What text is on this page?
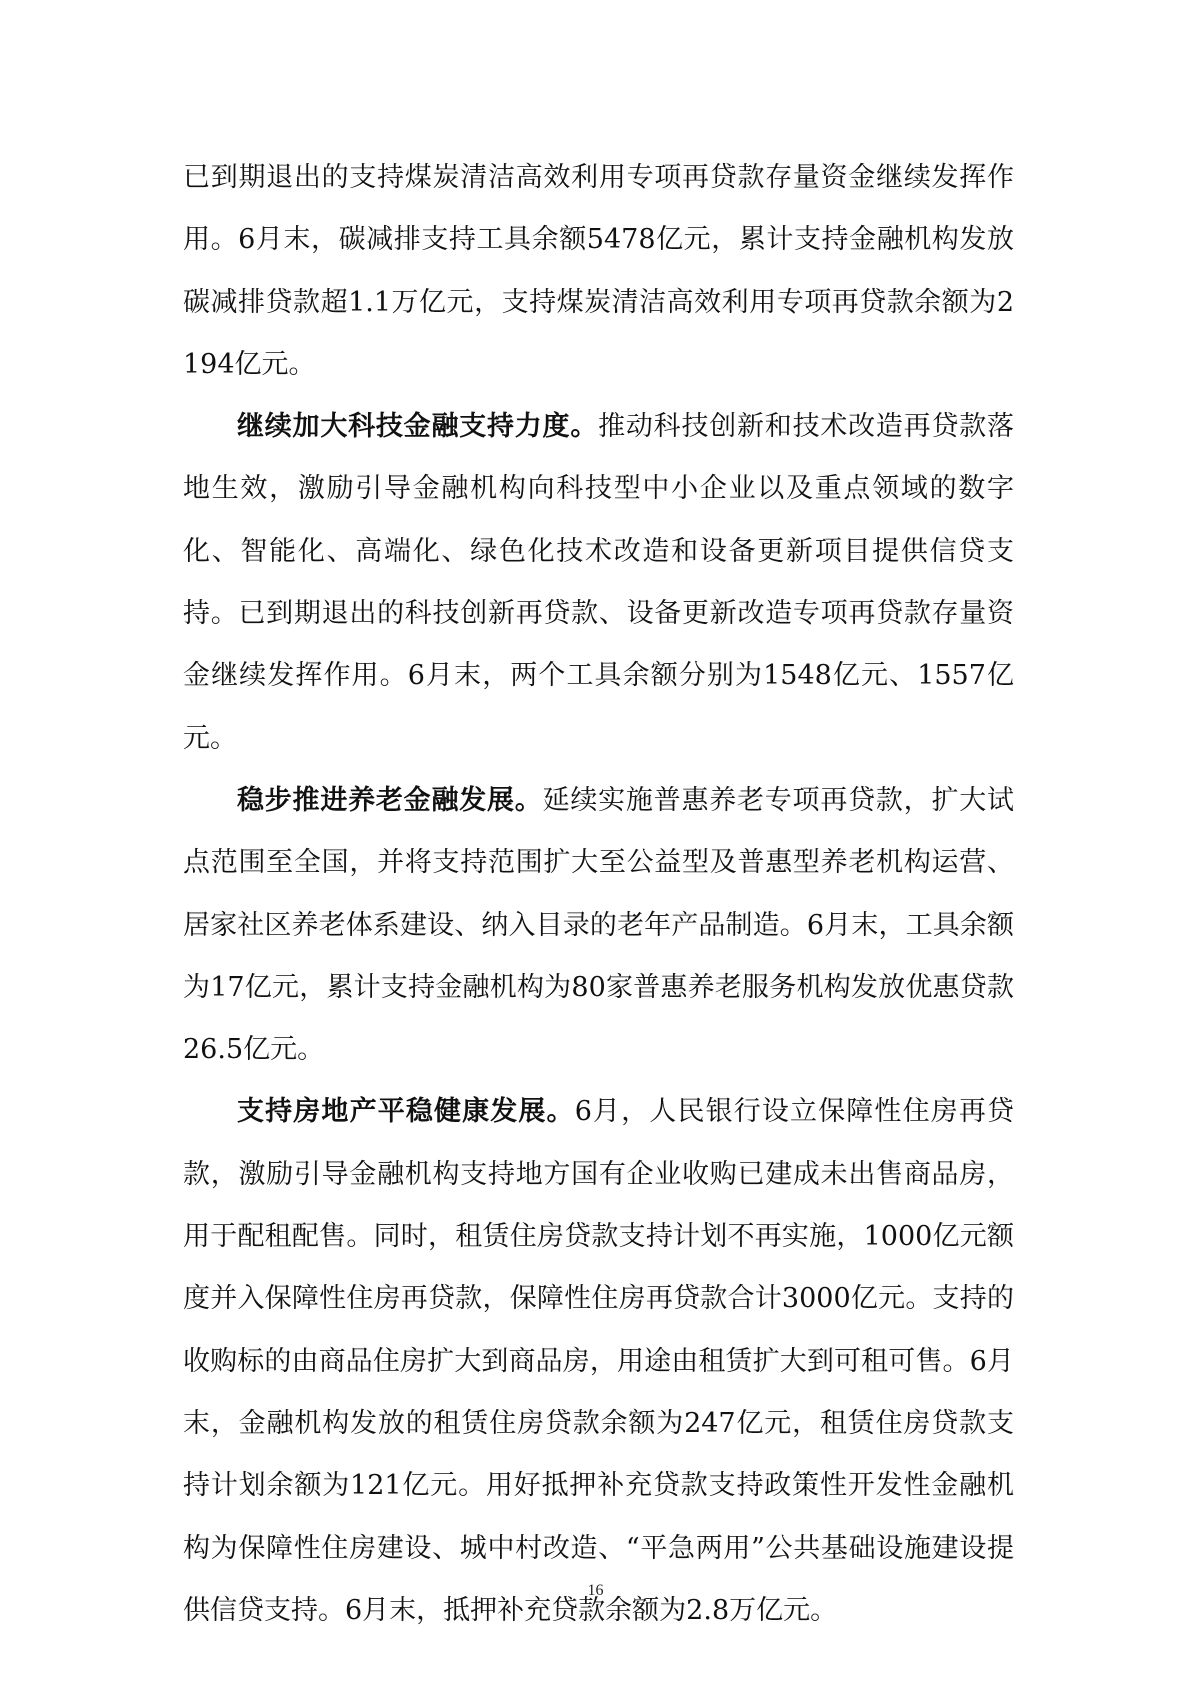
已到期退出的支持煤炭清洁高效利用专项再贷款存量资金继续发挥作用。6月末，碳减排支持工具余额5478亿元，累计支持金融机构发放碳减排贷款超1.1万亿元，支持煤炭清洁高效利用专项再贷款余额为2194亿元。

继续加大科技金融支持力度。推动科技创新和技术改造再贷款落地生效，激励引导金融机构向科技型中小企业以及重点领域的数字化、智能化、高端化、绿色化技术改造和设备更新项目提供信贷支持。已到期退出的科技创新再贷款、设备更新改造专项再贷款存量资金继续发挥作用。6月末，两个工具余额分别为1548亿元、1557亿元。

稳步推进养老金融发展。延续实施普惠养老专项再贷款，扩大试点范围至全国，并将支持范围扩大至公益型及普惠型养老机构运营、居家社区养老体系建设、纳入目录的老年产品制造。6月末，工具余额为17亿元，累计支持金融机构为80家普惠养老服务机构发放优惠贷款26.5亿元。

支持房地产平稳健康发展。6月，人民银行设立保障性住房再贷款，激励引导金融机构支持地方国有企业收购已建成未出售商品房，用于配租配售。同时，租赁住房贷款支持计划不再实施，1000亿元额度并入保障性住房再贷款，保障性住房再贷款合计3000亿元。支持的收购标的由商品住房扩大到商品房，用途由租赁扩大到可租可售。6月末，金融机构发放的租赁住房贷款余额为247亿元，租赁住房贷款支持计划余额为121亿元。用好抵押补充贷款支持政策性开发性金融机构为保障性住房建设、城中村改造、“平急两用”公共基础设施建设提供信贷支持。6月末，抵押补充贷款余额为2.8万亿元。

16
